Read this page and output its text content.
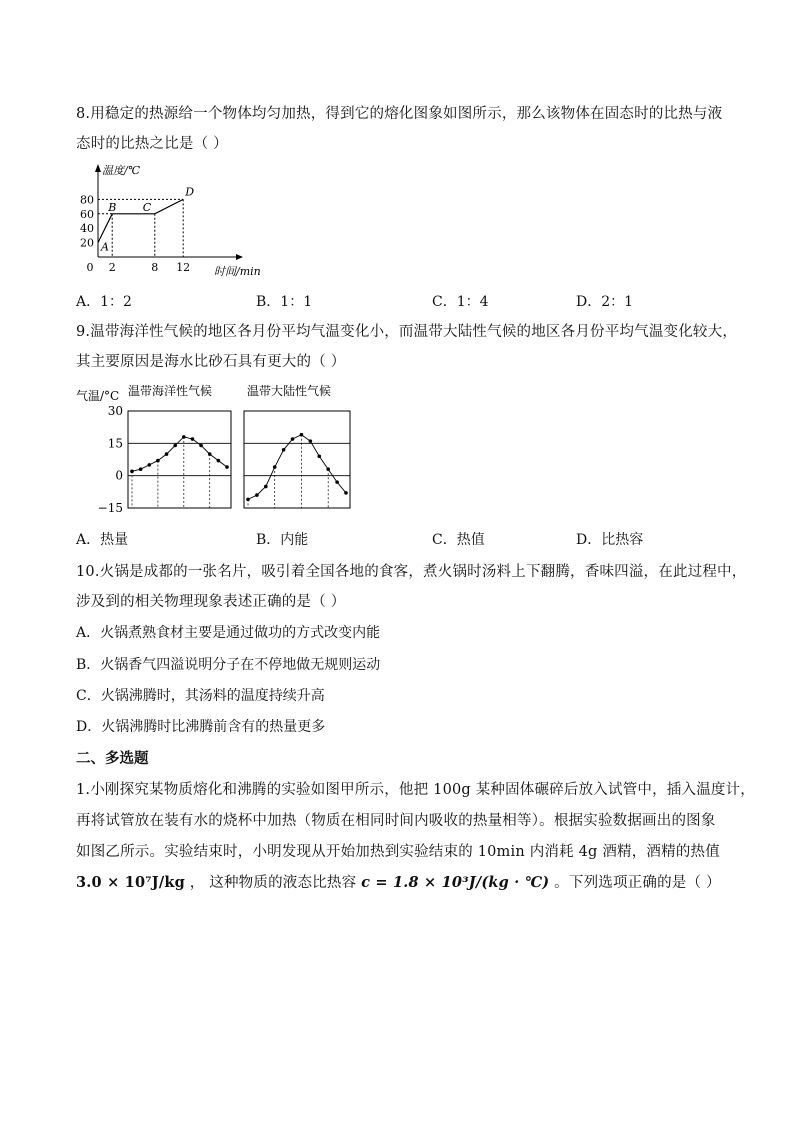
8.用稳定的热源给一个物体均匀加热，得到它的熔化图象如图所示，那么该物体在固态时的比热与液
态时的比热之比是（ ）
温度/℃
时间/min
20
40
60
80
0 2	8 12
A
B C
D
A．1：2	B．1：1	C．1：4	D．2：1
9.温带海洋性气候的地区各月份平均气温变化小，而温带大陆性气候的地区各月份平均气温变化较大，
其主要原因是海水比砂石具有更大的（ ）
气温/°C
30
15
0
−15
温带海洋性气候	温带大陆性气候
A．热量	B．内能	C．热值	D．比热容
10.火锅是成都的一张名片，吸引着全国各地的食客，煮火锅时汤料上下翻腾，香味四溢，在此过程中，
涉及到的相关物理现象表述正确的是（ ）
A．火锅煮熟食材主要是通过做功的方式改变内能
B．火锅香气四溢说明分子在不停地做无规则运动
C．火锅沸腾时，其汤料的温度持续升高
D．火锅沸腾时比沸腾前含有的热量更多
二、多选题
1.小刚探究某物质熔化和沸腾的实验如图甲所示，他把 100g 某种固体碾碎后放入试管中，插入温度计，
再将试管放在装有水的烧杯中加热（物质在相同时间内吸收的热量相等）。根据实验数据画出的图象
如图乙所示。实验结束时，小明发现从开始加热到实验结束的 10min 内消耗 4g 酒精，酒精的热值
3.0 × 10⁷J/kg ， 这种物质的液态比热容 c = 1.8 × 10³J/(kg · ℃) 。下列选项正确的是（ ）
